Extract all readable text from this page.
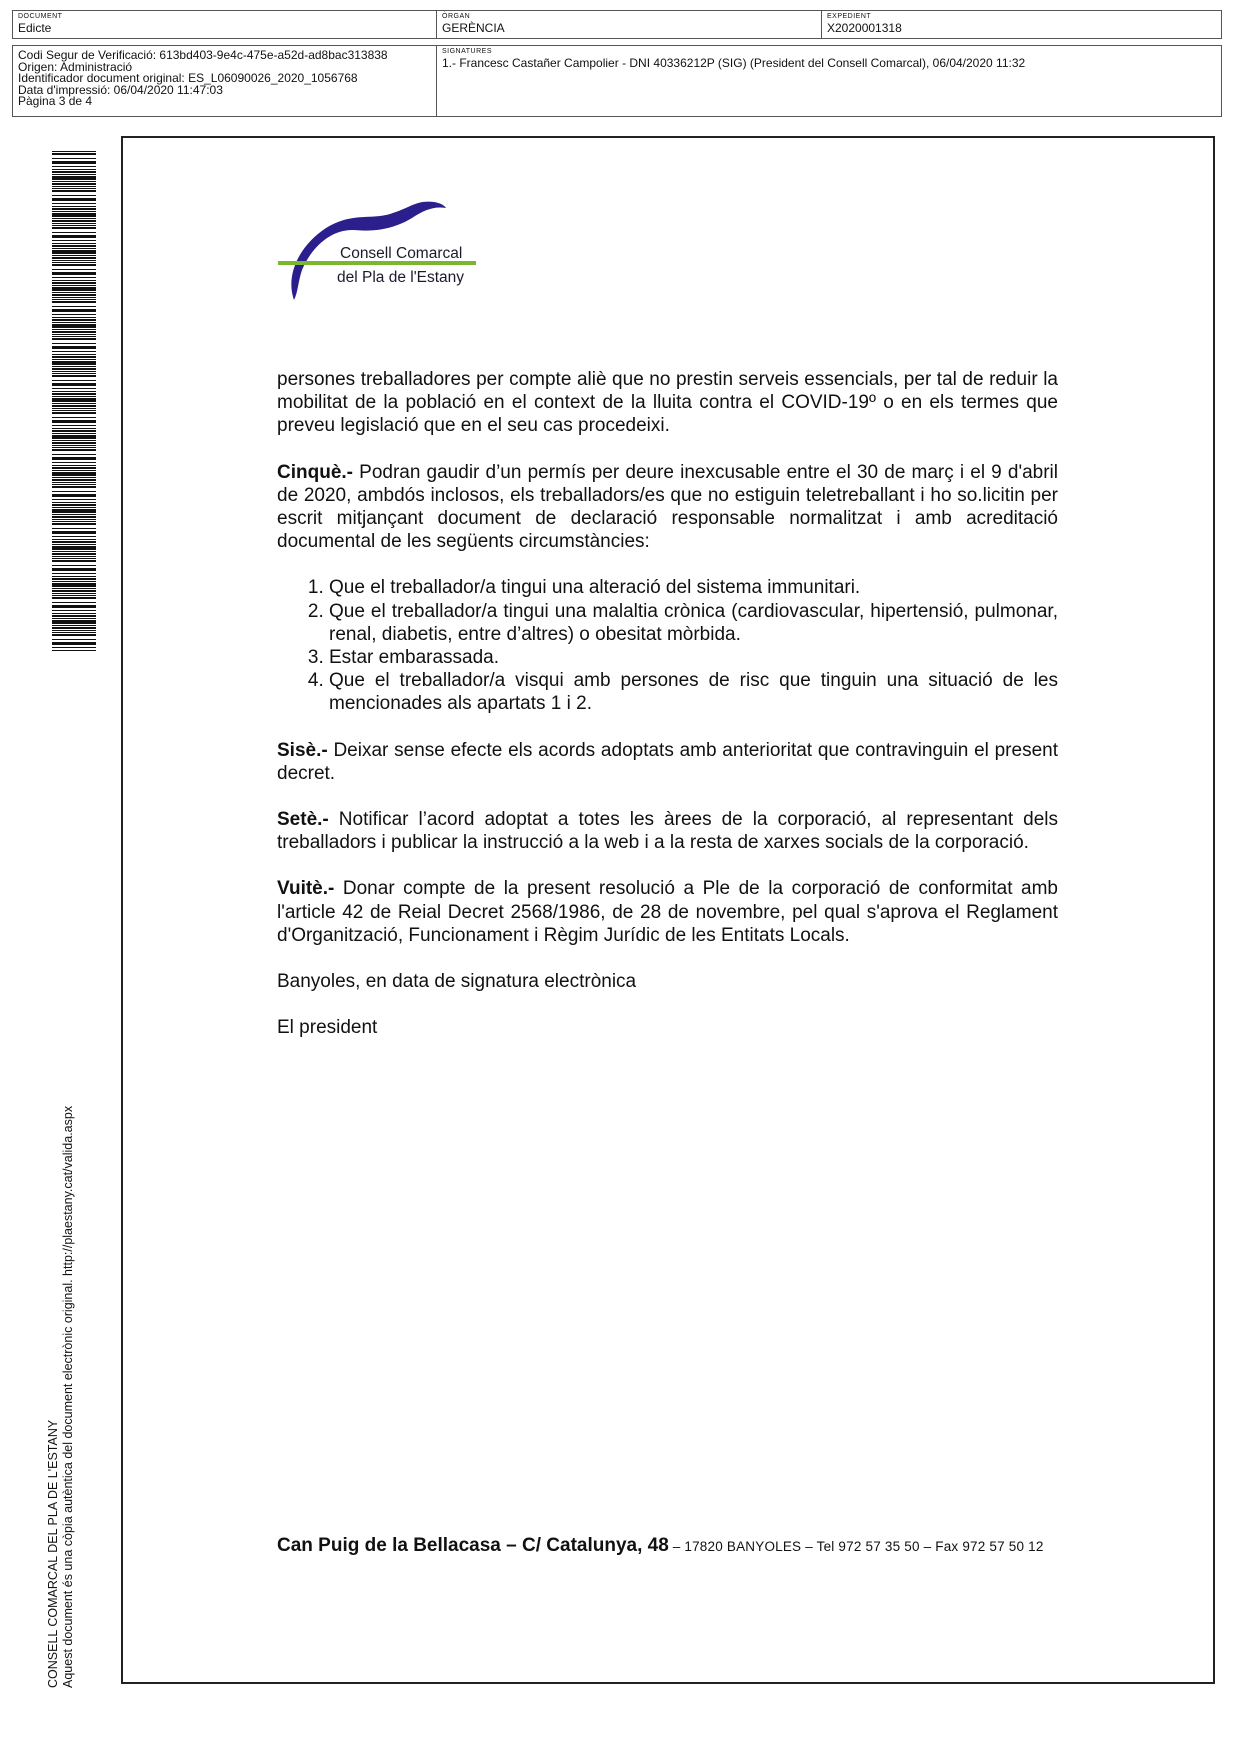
DOCUMENT
Edicte
ÒRGAN
GERÈNCIA
EXPEDIENT
X2020001318
Codi Segur de Verificació: 613bd403-9e4c-475e-a52d-ad8bac313838
Origen: Administració
Identificador document original: ES_L06090026_2020_1056768
Data d'impressió: 06/04/2020 11:47:03
Pàgina 3 de 4
SIGNATURES
1.- Francesc Castañer Campolier - DNI 40336212P (SIG) (President del Consell Comarcal), 06/04/2020 11:32
CONSELL COMARCAL DEL PLA DE L'ESTANY Aquest document és una còpia autèntica del document electrònic original. http://plaestany.cat/valida.aspx
Consell Comarcal
del Pla de l'Estany

persones treballadores per compte aliè que no prestin serveis essencials, per tal de reduir la mobilitat de la població en el context de la lluita contra el COVID-19º o en els termes que preveu legislació que en el seu cas procedeixi.

Cinquè.- Podran gaudir d’un permís per deure inexcusable entre el 30 de març i el 9 d'abril de 2020, ambdós inclosos, els treballadors/es que no estiguin teletreballant i ho so.licitin per escrit mitjançant document de declaració responsable normalitzat i amb acreditació documental de les següents circumstàncies:

1. Que el treballador/a tingui una alteració del sistema immunitari.
2. Que el treballador/a tingui una malaltia crònica (cardiovascular, hipertensió, pulmonar, renal, diabetis, entre d’altres) o obesitat mòrbida.
3. Estar embarassada.
4. Que el treballador/a visqui amb persones de risc que tinguin una situació de les mencionades als apartats 1 i 2.

Sisè.- Deixar sense efecte els acords adoptats amb anterioritat que contravinguin el present decret.

Setè.- Notificar l’acord adoptat a totes les àrees de la corporació, al representant dels treballadors i publicar la instrucció a la web i a la resta de xarxes socials de la corporació.

Vuitè.- Donar compte de la present resolució a Ple de la corporació de conformitat amb l'article 42 de Reial Decret 2568/1986, de 28 de novembre, pel qual s'aprova el Reglament d'Organització, Funcionament i Règim Jurídic de les Entitats Locals.

Banyoles, en data de signatura electrònica

El president

Can Puig de la Bellacasa – C/ Catalunya, 48 – 17820 BANYOLES – Tel 972 57 35 50 – Fax 972 57 50 12
